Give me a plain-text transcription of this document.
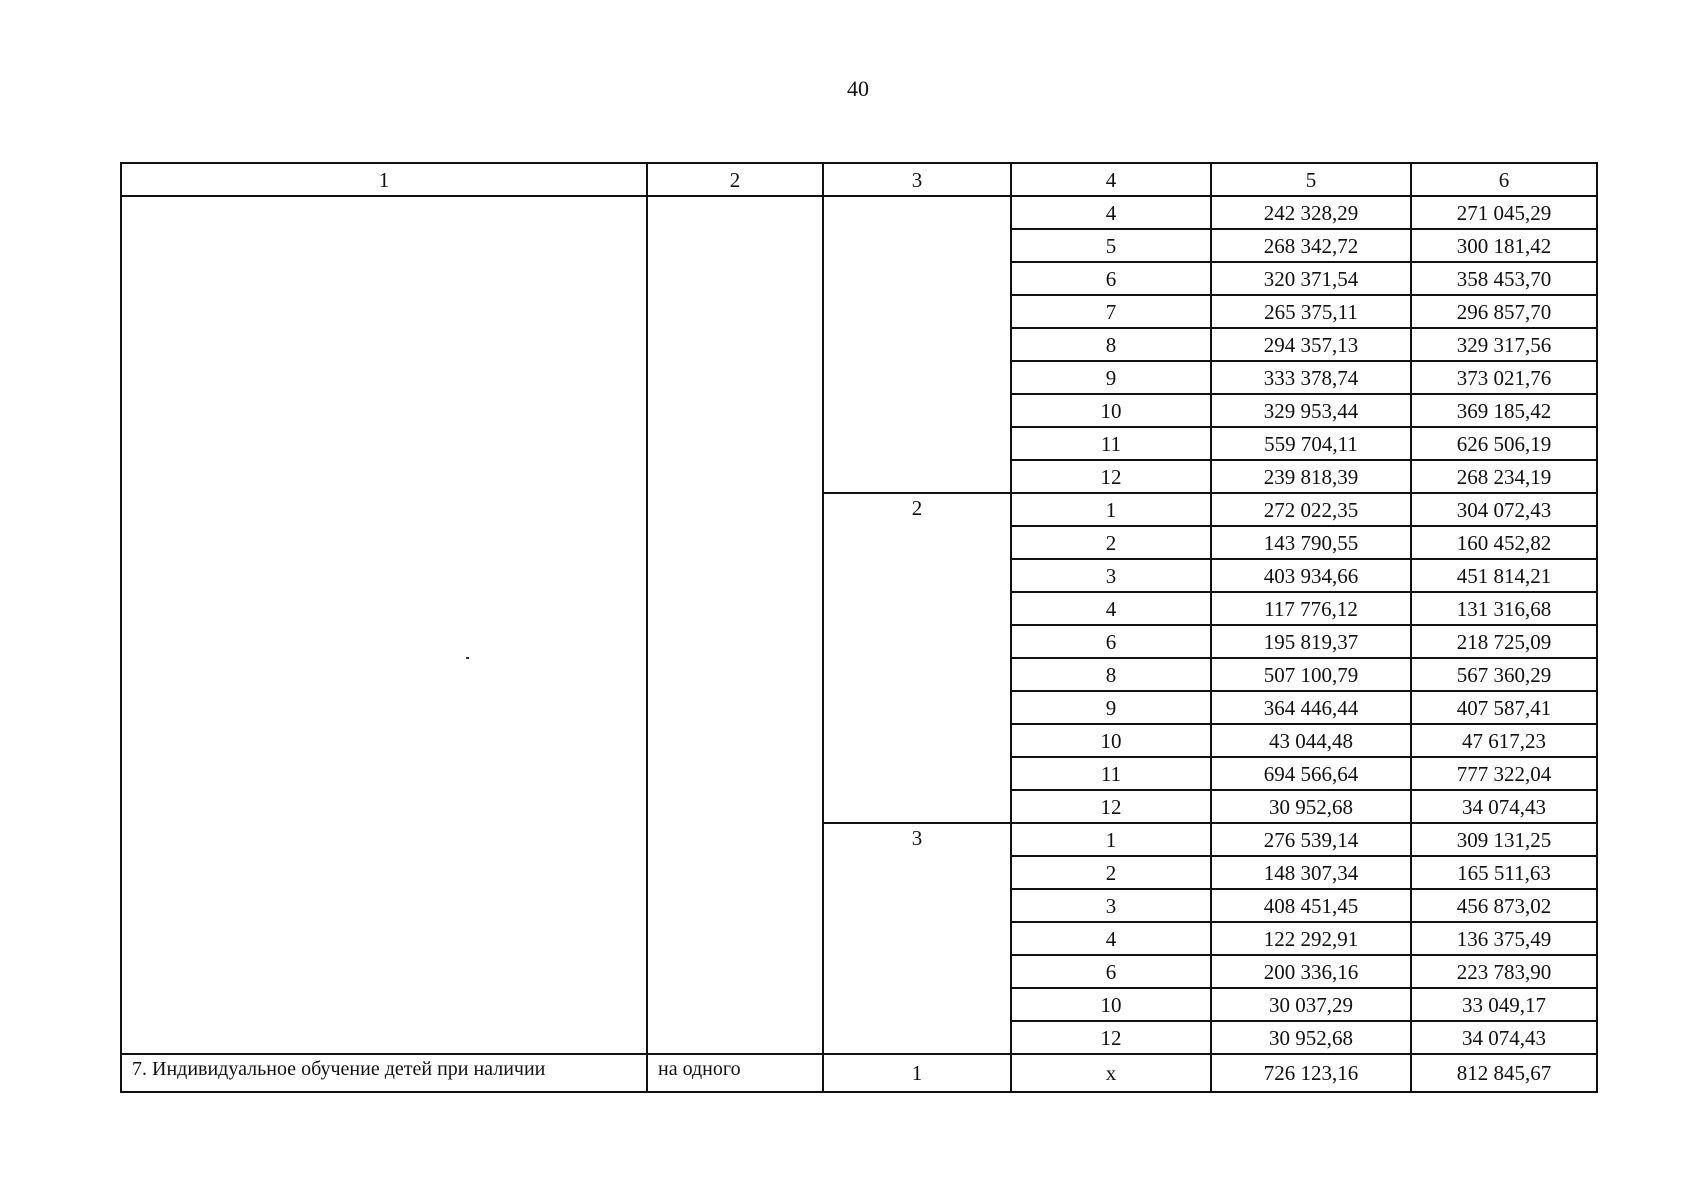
40
1	2	3	4	5	6
			4	242 328,29	271 045,29
			5	268 342,72	300 181,42
			6	320 371,54	358 453,70
			7	265 375,11	296 857,70
			8	294 357,13	329 317,56
			9	333 378,74	373 021,76
			10	329 953,44	369 185,42
			11	559 704,11	626 506,19
			12	239 818,39	268 234,19
		2	1	272 022,35	304 072,43
			2	143 790,55	160 452,82
			3	403 934,66	451 814,21
			4	117 776,12	131 316,68
			6	195 819,37	218 725,09
			8	507 100,79	567 360,29
			9	364 446,44	407 587,41
			10	43 044,48	47 617,23
			11	694 566,64	777 322,04
			12	30 952,68	34 074,43
		3	1	276 539,14	309 131,25
			2	148 307,34	165 511,63
			3	408 451,45	456 873,02
			4	122 292,91	136 375,49
			6	200 336,16	223 783,90
			10	30 037,29	33 049,17
			12	30 952,68	34 074,43
7. Индивидуальное обучение детей при наличии	на одного	1	х	726 123,16	812 845,67
